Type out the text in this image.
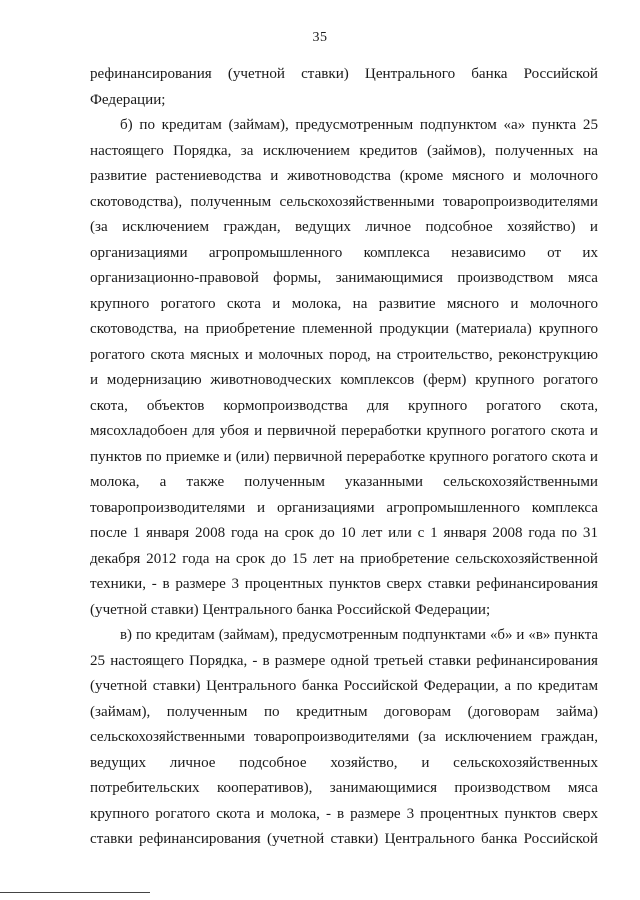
35
рефинансирования (учетной ставки) Центрального банка Российской
Федерации;
б) по кредитам (займам), предусмотренным подпунктом «а» пункта 25
настоящего Порядка, за исключением кредитов (займов), полученных на
развитие растениеводства и животноводства (кроме мясного и молочного
скотоводства), полученным сельскохозяйственными товаропроизводителями
(за исключением граждан, ведущих личное подсобное хозяйство) и
организациями агропромышленного комплекса независимо от их
организационно-правовой формы, занимающимися производством мяса
крупного рогатого скота и молока, на развитие мясного и молочного
скотоводства, на приобретение племенной продукции (материала) крупного
рогатого скота мясных и молочных пород, на строительство, реконструкцию
и модернизацию животноводческих комплексов (ферм) крупного рогатого
скота, объектов кормопроизводства для крупного рогатого скота,
мясохладобоен для убоя и первичной переработки крупного рогатого скота и
пунктов по приемке и (или) первичной переработке крупного рогатого скота и
молока, а также полученным указанными сельскохозяйственными
товаропроизводителями и организациями агропромышленного комплекса
после 1 января 2008 года на срок до 10 лет или с 1 января 2008 года по 31
декабря 2012 года на срок до 15 лет на приобретение сельскохозяйственной
техники, - в размере 3 процентных пунктов сверх ставки рефинансирования
(учетной ставки) Центрального банка Российской Федерации;
в) по кредитам (займам), предусмотренным подпунктами «б» и «в» пункта
25 настоящего Порядка, - в размере одной третьей ставки рефинансирования
(учетной ставки) Центрального банка Российской Федерации, а по кредитам
(займам), полученным по кредитным договорам (договорам займа)
сельскохозяйственными товаропроизводителями (за исключением граждан,
ведущих личное подсобное хозяйство, и сельскохозяйственных
потребительских кооперативов), занимающимися производством мяса
крупного рогатого скота и молока, - в размере 3 процентных пунктов сверх
ставки рефинансирования (учетной ставки) Центрального банка Российской
